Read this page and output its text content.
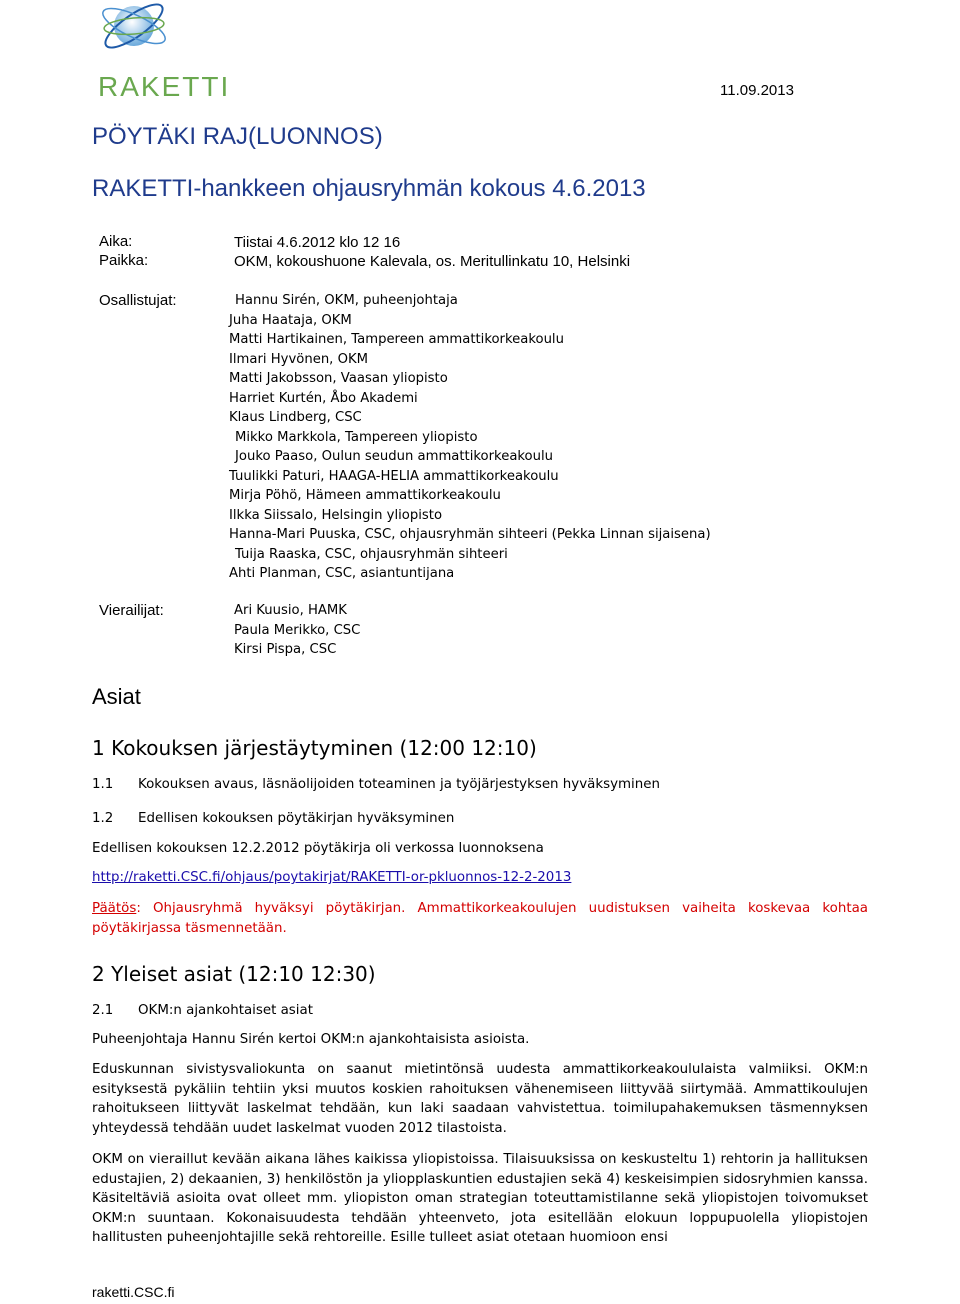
RAKETTI	11.09.2013
PÖYTÄKI RAJ(LUONNOS)
RAKETTI-hankkeen ohjausryhmän kokous 4.6.2013
Aika:	Tiistai 4.6.2012 klo 12 16
Paikka:	OKM, kokoushuone Kalevala, os. Meritullinkatu 10, Helsinki
Osallistujat:	Hannu Sirén, OKM, puheenjohtaja
Juha Haataja, OKM
Matti Hartikainen, Tampereen ammattikorkeakoulu
Ilmari Hyvönen, OKM
Matti Jakobsson, Vaasan yliopisto
Harriet Kurtén, Åbo Akademi
Klaus Lindberg, CSC
Mikko Markkola, Tampereen yliopisto
Jouko Paaso, Oulun seudun ammattikorkeakoulu
Tuulikki Paturi, HAAGA-HELIA ammattikorkeakoulu
Mirja Pöhö, Hämeen ammattikorkeakoulu
Ilkka Siissalo, Helsingin yliopisto
Hanna-Mari Puuska, CSC, ohjausryhmän sihteeri (Pekka Linnan sijaisena)
Tuija Raaska, CSC, ohjausryhmän sihteeri
Ahti Planman, CSC, asiantuntijana
Vierailijat:	Ari Kuusio, HAMK
Paula Merikko, CSC
Kirsi Pispa, CSC
Asiat
1 Kokouksen järjestäytyminen (12:00 12:10)
1.1 Kokouksen avaus, läsnäolijoiden toteaminen ja työjärjestyksen hyväksyminen
1.2 Edellisen kokouksen pöytäkirjan hyväksyminen
Edellisen kokouksen 12.2.2012 pöytäkirja oli verkossa luonnoksena
http://raketti.CSC.fi/ohjaus/poytakirjat/RAKETTI-or-pkluonnos-12-2-2013
Päätös: Ohjausryhmä hyväksyi pöytäkirjan. Ammattikorkeakoulujen uudistuksen vaiheita koskevaa kohtaa pöytäkirjassa täsmennetään.
2 Yleiset asiat (12:10 12:30)
2.1 OKM:n ajankohtaiset asiat
Puheenjohtaja Hannu Sirén kertoi OKM:n ajankohtaisista asioista.
Eduskunnan sivistysvaliokunta on saanut mietintönsä uudesta ammattikorkeakoululaista valmiiksi. OKM:n esityksestä pykäliin tehtiin yksi muutos koskien rahoituksen vähenemiseen liittyvää siirtymää. Ammattikoulujen rahoitukseen liittyvät laskelmat tehdään, kun laki saadaan vahvistettua. toimilupahakemuksen täsmennyksen yhteydessä tehdään uudet laskelmat vuoden 2012 tilastoista.
OKM on vieraillut kevään aikana lähes kaikissa yliopistoissa. Tilaisuuksissa on keskusteltu 1) rehtorin ja hallituksen edustajien, 2) dekaanien, 3) henkilöstön ja yliopplaskuntien edustajien sekä 4) keskeisimpien sidosryhmien kanssa. Käsiteltäviä asioita ovat olleet mm. yliopiston oman strategian toteuttamistilanne sekä yliopistojen toivomukset OKM:n suuntaan. Kokonaisuudesta tehdään yhteenveto, jota esitellään elokuun loppupuolella yliopistojen hallitusten puheenjohtajille sekä rehtoreille. Esille tulleet asiat otetaan huomioon ensi
raketti.CSC.fi
